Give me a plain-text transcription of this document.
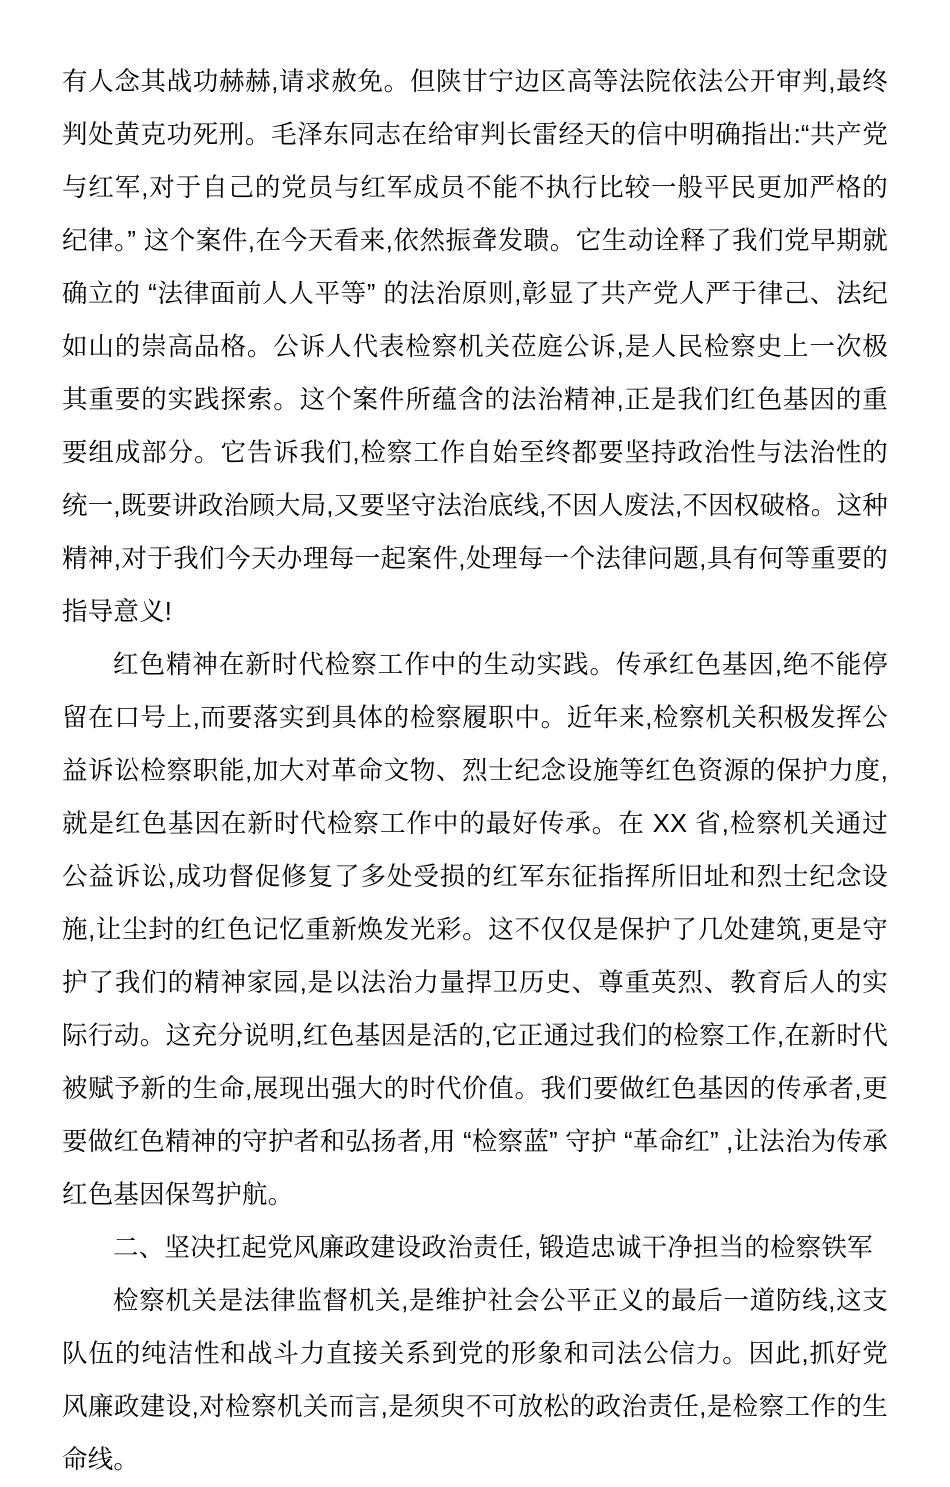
有人念其战功赫赫,请求赦免。但陕甘宁边区高等法院依法公开审判,最终判处黄克功死刑。毛泽东同志在给审判长雷经天的信中明确指出:“共产党与红军,对于自己的党员与红军成员不能不执行比较一般平民更加严格的纪律。” 这个案件,在今天看来,依然振聋发聩。它生动诠释了我们党早期就确立的 “法律面前人人平等” 的法治原则,彰显了共产党人严于律己、法纪如山的崇高品格。公诉人代表检察机关莅庭公诉,是人民检察史上一次极其重要的实践探索。这个案件所蕴含的法治精神,正是我们红色基因的重要组成部分。它告诉我们,检察工作自始至终都要坚持政治性与法治性的统一,既要讲政治顾大局,又要坚守法治底线,不因人废法,不因权破格。这种精神,对于我们今天办理每一起案件,处理每一个法律问题,具有何等重要的指导意义!

红色精神在新时代检察工作中的生动实践。传承红色基因,绝不能停留在口号上,而要落实到具体的检察履职中。近年来,检察机关积极发挥公益诉讼检察职能,加大对革命文物、烈士纪念设施等红色资源的保护力度,就是红色基因在新时代检察工作中的最好传承。在 XX 省,检察机关通过公益诉讼,成功督促修复了多处受损的红军东征指挥所旧址和烈士纪念设施,让尘封的红色记忆重新焕发光彩。这不仅仅是保护了几处建筑,更是守护了我们的精神家园,是以法治力量捍卫历史、尊重英烈、教育后人的实际行动。这充分说明,红色基因是活的,它正通过我们的检察工作,在新时代被赋予新的生命,展现出强大的时代价值。我们要做红色基因的传承者,更要做红色精神的守护者和弘扬者,用 “检察蓝” 守护 “革命红” ,让法治为传承红色基因保驾护航。

二、坚决扛起党风廉政建设政治责任, 锻造忠诚干净担当的检察铁军

检察机关是法律监督机关,是维护社会公平正义的最后一道防线,这支队伍的纯洁性和战斗力直接关系到党的形象和司法公信力。因此,抓好党风廉政建设,对检察机关而言,是须臾不可放松的政治责任,是检察工作的生命线。
